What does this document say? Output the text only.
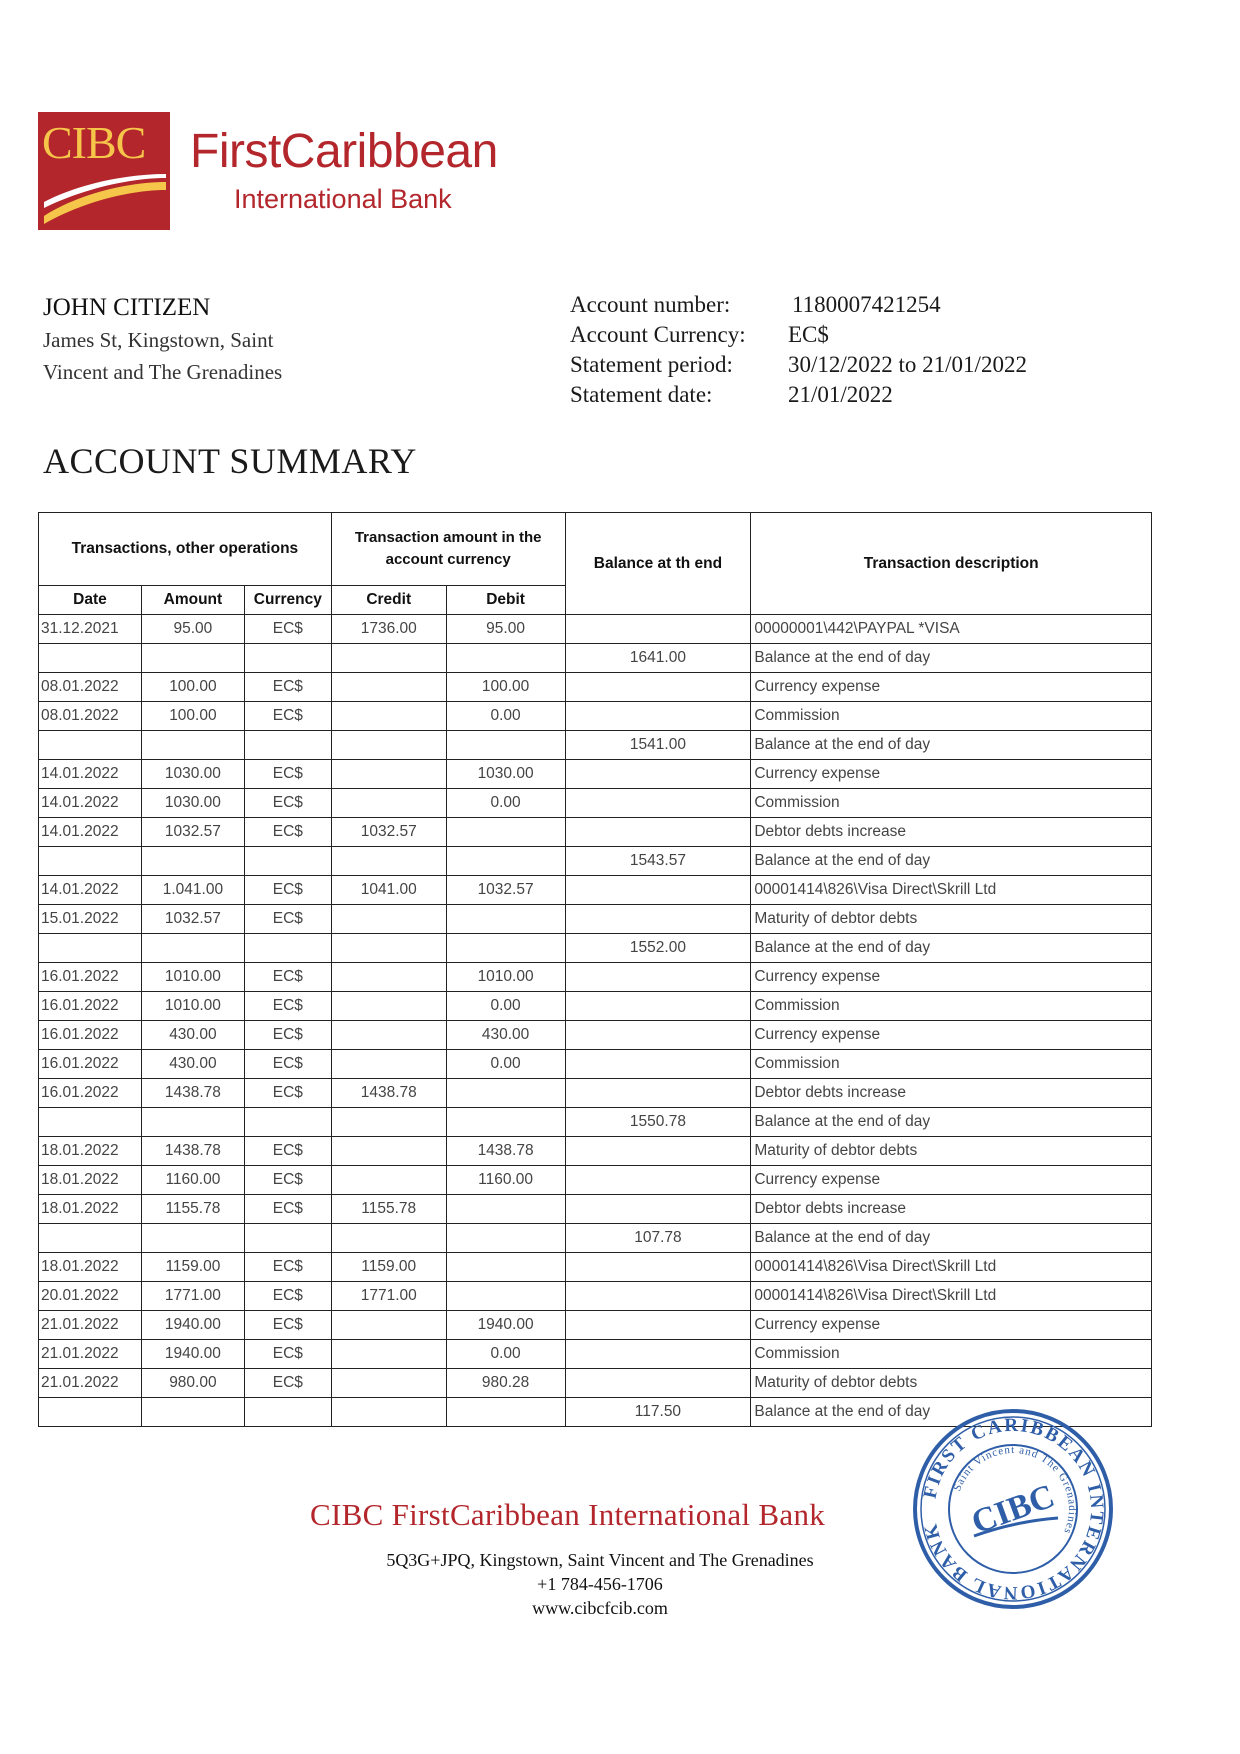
CIBC FirstCaribbean
International Bank
JOHN CITIZEN
James St, Kingstown, Saint
Vincent and The Grenadines
Account number:	1180007421254
Account Currency: EC$
Statement period: 30/12/2022 to 21/01/2022
Statement date:	21/01/2022
ACCOUNT SUMMARY
Transactions, other operations			Transaction amount in the account currency		Balance at th end	Transaction description
Date	Amount	Currency	Credit	Debit		
31.12.2021	95.00	EC$	1736.00	95.00		00000001\442\PAYPAL *VISA
					1641.00	Balance at the end of day
08.01.2022	100.00	EC$		100.00		Currency expense
08.01.2022	100.00	EC$		0.00		Commission
					1541.00	Balance at the end of day
14.01.2022	1030.00	EC$		1030.00		Currency expense
14.01.2022	1030.00	EC$		0.00		Commission
14.01.2022	1032.57	EC$	1032.57			Debtor debts increase
					1543.57	Balance at the end of day
14.01.2022	1.041.00	EC$	1041.00	1032.57		00001414\826\Visa Direct\Skrill Ltd
15.01.2022	1032.57	EC$				Maturity of debtor debts
					1552.00	Balance at the end of day
16.01.2022	1010.00	EC$		1010.00		Currency expense
16.01.2022	1010.00	EC$		0.00		Commission
16.01.2022	430.00	EC$		430.00		Currency expense
16.01.2022	430.00	EC$		0.00		Commission
16.01.2022	1438.78	EC$	1438.78			Debtor debts increase
					1550.78	Balance at the end of day
18.01.2022	1438.78	EC$		1438.78		Maturity of debtor debts
18.01.2022	1160.00	EC$		1160.00		Currency expense
18.01.2022	1155.78	EC$	1155.78			Debtor debts increase
					107.78	Balance at the end of day
18.01.2022	1159.00	EC$	1159.00			00001414\826\Visa Direct\Skrill Ltd
20.01.2022	1771.00	EC$	1771.00			00001414\826\Visa Direct\Skrill Ltd
21.01.2022	1940.00	EC$		1940.00		Currency expense
21.01.2022	1940.00	EC$		0.00		Commission
21.01.2022	980.00	EC$		980.28		Maturity of debtor debts
					117.50	Balance at the end of day
CIBC FirstCaribbean International Bank
5Q3G+JPQ, Kingstown, Saint Vincent and The Grenadines
+1 784-456-1706
www.cibcfcib.com
FIRST CARIBBEAN INTERNATIONAL BANK
Saint Vincent and The Grenadines
CIBC
